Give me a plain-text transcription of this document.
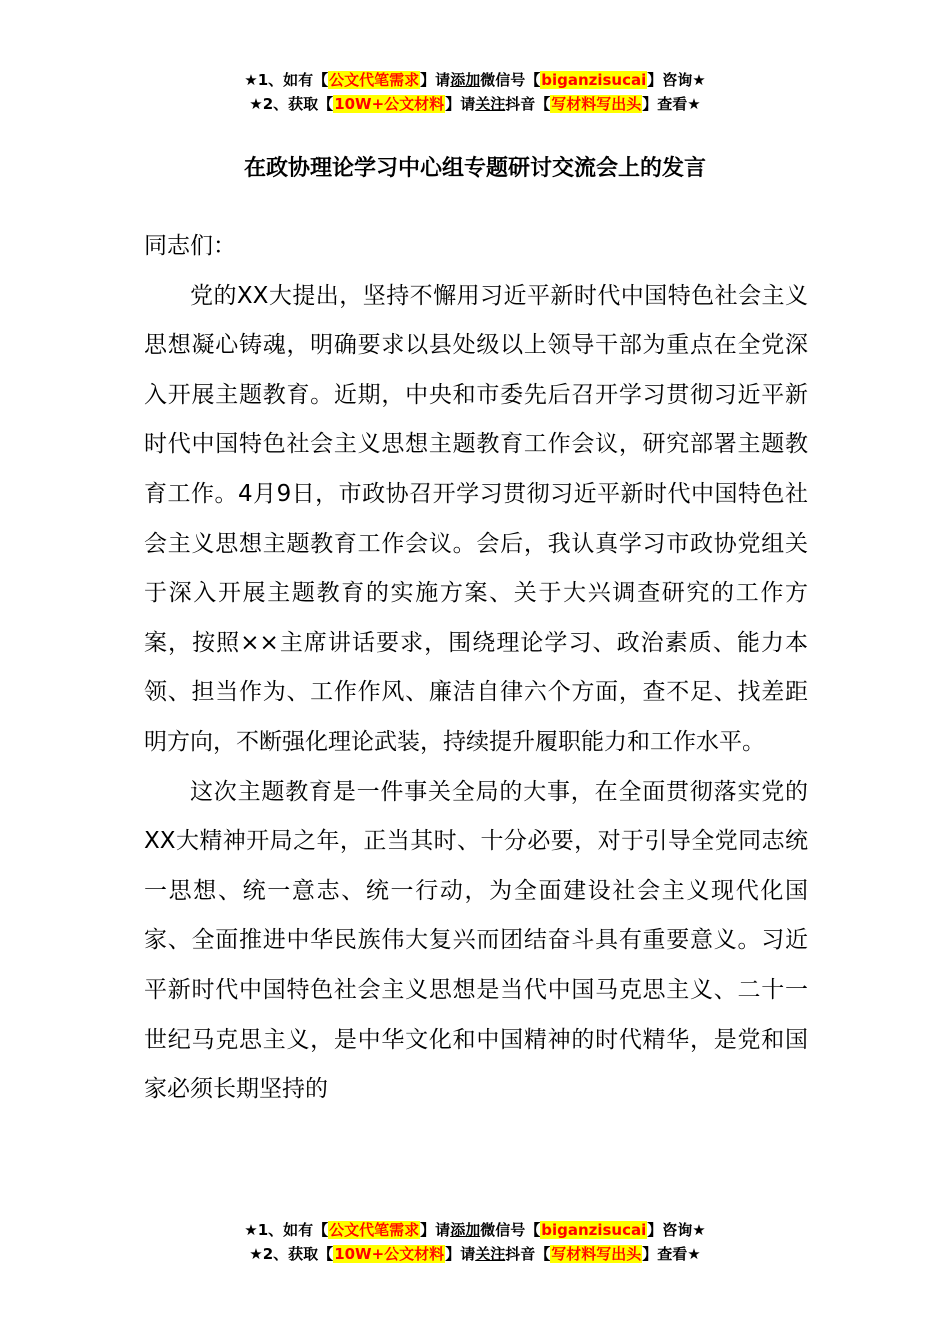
★1、如有【公文代笔需求】请添加微信号【biganzisucai】咨询★
★2、获取【10W+公文材料】请关注抖音【写材料写出头】查看★
在政协理论学习中心组专题研讨交流会上的发言

同志们：

党的XX大提出，坚持不懈用习近平新时代中国特色社会主义思想凝心铸魂，明确要求以县处级以上领导干部为重点在全党深入开展主题教育。近期，中央和市委先后召开学习贯彻习近平新时代中国特色社会主义思想主题教育工作会议，研究部署主题教育工作。4月9日，市政协召开学习贯彻习近平新时代中国特色社会主义思想主题教育工作会议。会后，我认真学习市政协党组关于深入开展主题教育的实施方案、关于大兴调查研究的工作方案，按照××主席讲话要求，围绕理论学习、政治素质、能力本领、担当作为、工作作风、廉洁自律六个方面，查不足、找差距明方向，不断强化理论武装，持续提升履职能力和工作水平。

这次主题教育是一件事关全局的大事，在全面贯彻落实党的XX大精神开局之年，正当其时、十分必要，对于引导全党同志统一思想、统一意志、统一行动，为全面建设社会主义现代化国家、全面推进中华民族伟大复兴而团结奋斗具有重要意义。习近平新时代中国特色社会主义思想是当代中国马克思主义、二十一世纪马克思主义，是中华文化和中国精神的时代精华，是党和国家必须长期坚持的

★1、如有【公文代笔需求】请添加微信号【biganzisucai】咨询★
★2、获取【10W+公文材料】请关注抖音【写材料写出头】查看★
